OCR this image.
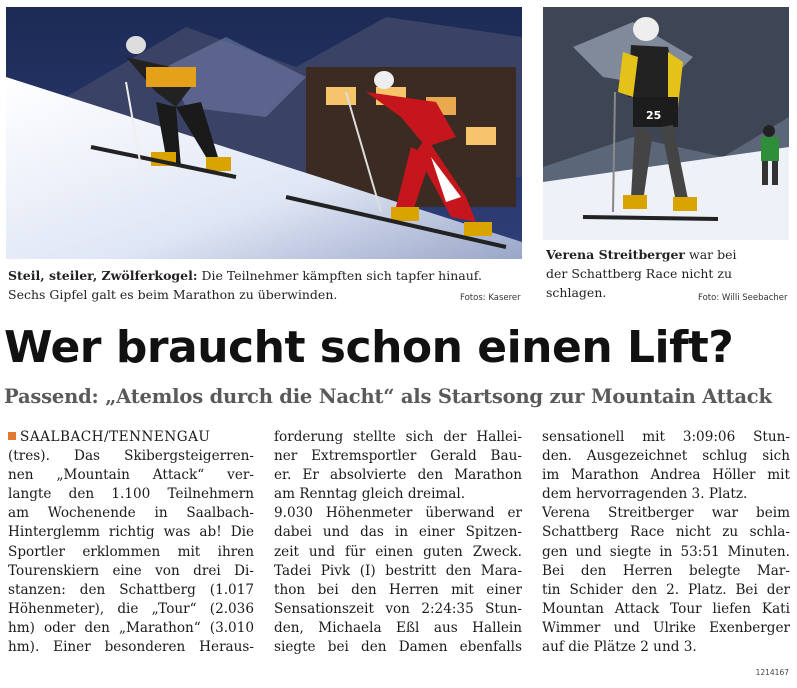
25
Steil, steiler, Zwölferkogel: Die Teilnehmer kämpften sich tapfer hinauf.
Sechs Gipfel galt es beim Marathon zu überwinden.	Fotos: Kaserer
Verena Streitberger war bei
der Schattberg Race nicht zu
schlagen.	Foto: Willi Seebacher
Wer braucht schon einen Lift?
Passend: „Atemlos durch die Nacht“ als Startsong zur Mountain Attack
SAALBACH/TENNENGAU
(tres). Das Skibergsteigerren-
nen „Mountain Attack“ ver-
langte den 1.100 Teilnehmern
am Wochenende in Saalbach-
Hinterglemm richtig was ab! Die
Sportler erklommen mit ihren
Tourenskiern eine von drei Di-
stanzen: den Schattberg (1.017
Höhenmeter), die „Tour“ (2.036
hm) oder den „Marathon“ (3.010
hm). Einer besonderen Heraus-
forderung stellte sich der Hallei-
ner Extremsportler Gerald Bau-
er. Er absolvierte den Marathon
am Renntag gleich dreimal.
9.030 Höhenmeter überwand er
dabei und das in einer Spitzen-
zeit und für einen guten Zweck.
Tadei Pivk (I) bestritt den Mara-
thon bei den Herren mit einer
Sensationszeit von 2:24:35 Stun-
den, Michaela Eßl aus Hallein
siegte bei den Damen ebenfalls
sensationell mit 3:09:06 Stun-
den. Ausgezeichnet schlug sich
im Marathon Andrea Höller mit
dem hervorragenden 3. Platz.
Verena Streitberger war beim
Schattberg Race nicht zu schla-
gen und siegte in 53:51 Minuten.
Bei den Herren belegte Mar-
tin Schider den 2. Platz. Bei der
Mountan Attack Tour liefen Kati
Wimmer und Ulrike Exenberger
auf die Plätze 2 und 3.
1214167
